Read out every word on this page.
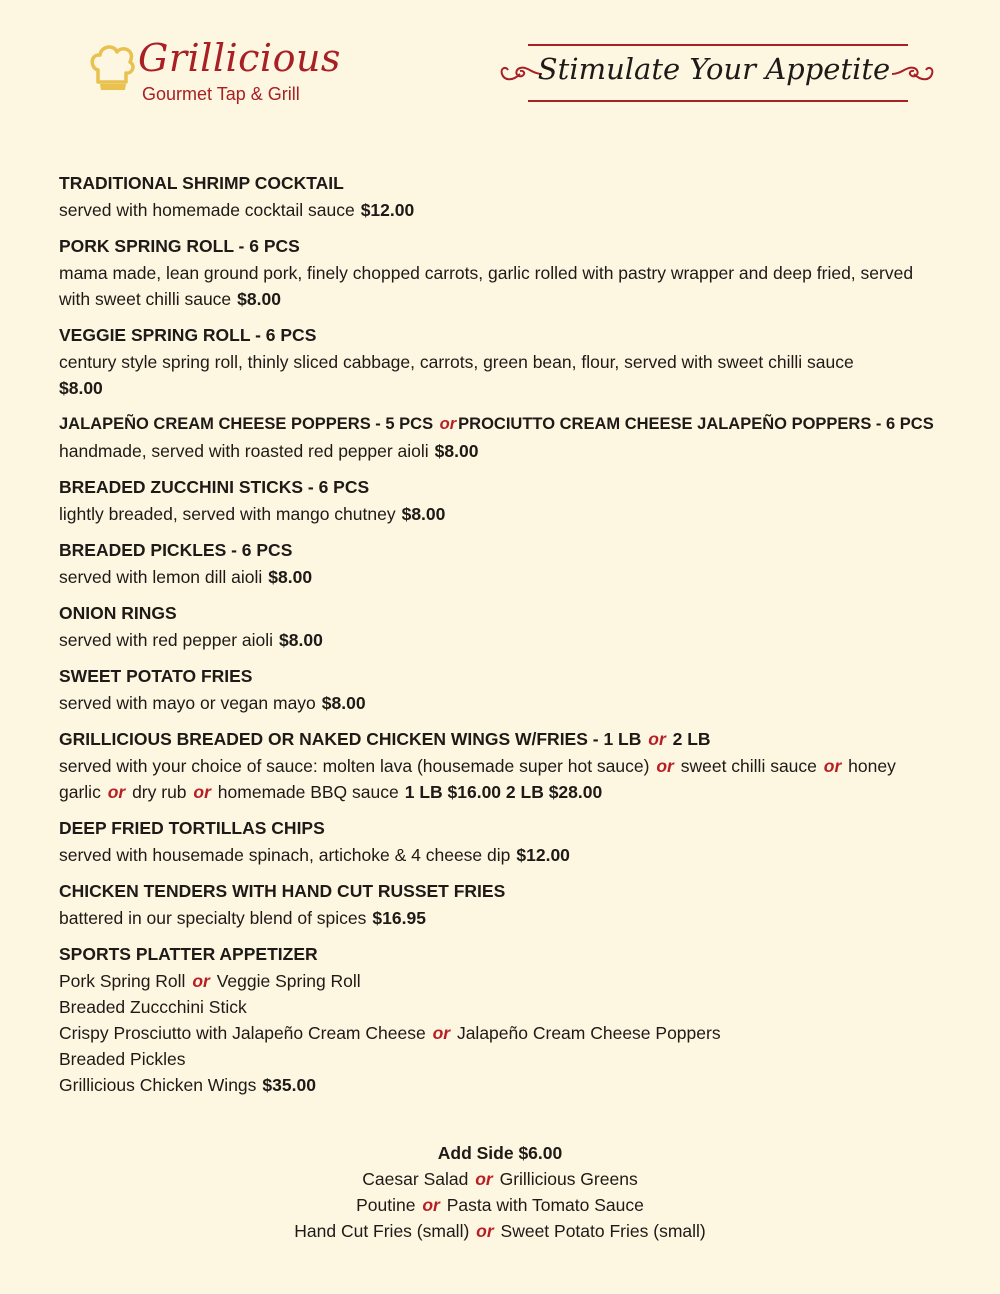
Grillicious
Gourmet Tap & Grill
Stimulate Your Appetite
TRADITIONAL SHRIMP COCKTAIL
served with homemade cocktail sauce $12.00
PORK SPRING ROLL - 6 PCS
mama made, lean ground pork, finely chopped carrots, garlic rolled with pastry wrapper and deep fried, served with sweet chilli sauce $8.00
VEGGIE SPRING ROLL - 6 PCS
century style spring roll, thinly sliced cabbage, carrots, green bean, flour, served with sweet chilli sauce
$8.00
JALAPEÑO CREAM CHEESE POPPERS - 5 PCS or PROCIUTTO CREAM CHEESE JALAPEÑO POPPERS - 6 PCS
handmade, served with roasted red pepper aioli $8.00
BREADED ZUCCHINI STICKS - 6 PCS
lightly breaded, served with mango chutney $8.00
BREADED PICKLES - 6 PCS
served with lemon dill aioli $8.00
ONION RINGS
served with red pepper aioli $8.00
SWEET POTATO FRIES
served with mayo or vegan mayo $8.00
GRILLICIOUS BREADED OR NAKED CHICKEN WINGS W/FRIES - 1 LB or 2 LB
served with your choice of sauce: molten lava (housemade super hot sauce) or sweet chilli sauce or honey garlic or dry rub or homemade BBQ sauce 1 LB $16.00 2 LB $28.00
DEEP FRIED TORTILLAS CHIPS
served with housemade spinach, artichoke & 4 cheese dip $12.00
CHICKEN TENDERS WITH HAND CUT RUSSET FRIES
battered in our specialty blend of spices $16.95
SPORTS PLATTER APPETIZER
Pork Spring Roll or Veggie Spring Roll
Breaded Zuccchini Stick
Crispy Prosciutto with Jalapeño Cream Cheese or Jalapeño Cream Cheese Poppers
Breaded Pickles
Grillicious Chicken Wings $35.00
Add Side $6.00
Caesar Salad or Grillicious Greens
Poutine or Pasta with Tomato Sauce
Hand Cut Fries (small) or Sweet Potato Fries (small)
